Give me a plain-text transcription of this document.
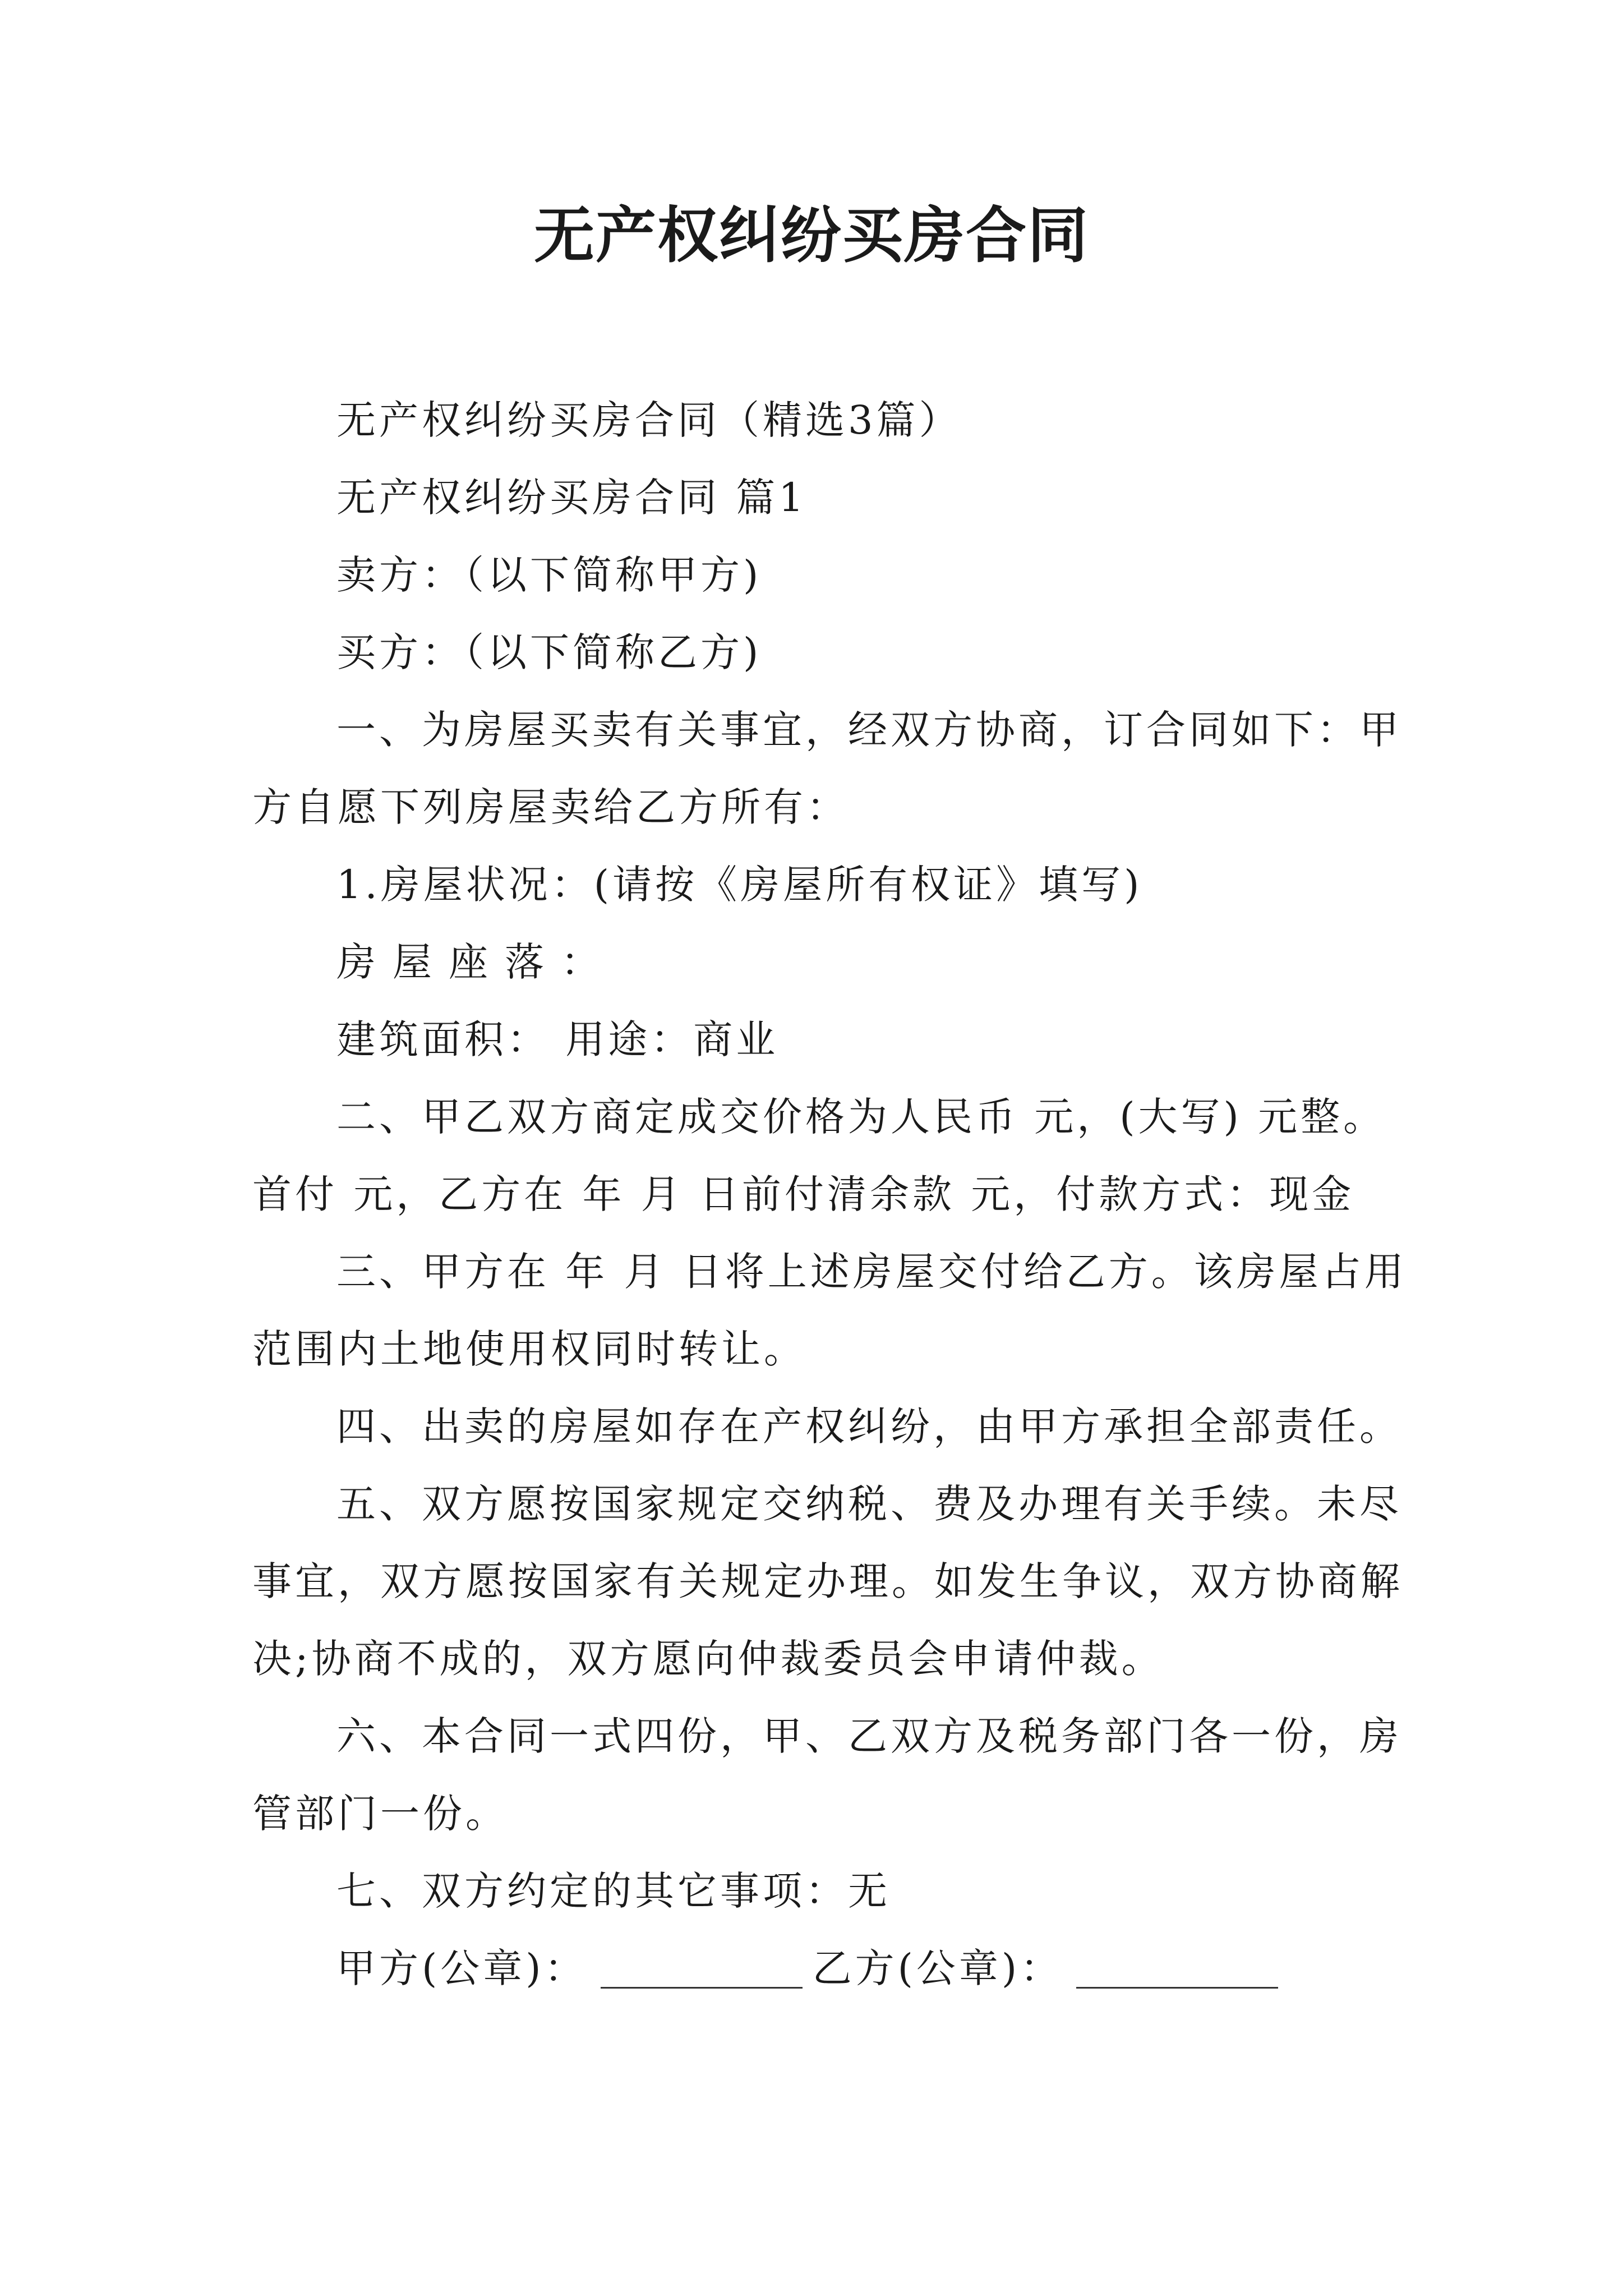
无产权纠纷买房合同

无产权纠纷买房合同（精选3篇）

无产权纠纷买房合同 篇1

卖方：（以下简称甲方)

买方：（以下简称乙方)

一、为房屋买卖有关事宜，经双方协商，订合同如下：甲方自愿下列房屋卖给乙方所有：

1.房屋状况：(请按《房屋所有权证》填写)

房屋座落：

建筑面积： 用途：商业

二、甲乙双方商定成交价格为人民币 元，(大写) 元整。首付 元，乙方在 年 月 日前付清余款 元，付款方式：现金

三、甲方在 年 月 日将上述房屋交付给乙方。该房屋占用范围内土地使用权同时转让。

四、出卖的房屋如存在产权纠纷，由甲方承担全部责任。

五、双方愿按国家规定交纳税、费及办理有关手续。未尽事宜，双方愿按国家有关规定办理。如发生争议，双方协商解决;协商不成的，双方愿向仲裁委员会申请仲裁。

六、本合同一式四份，甲、乙双方及税务部门各一份，房管部门一份。

七、双方约定的其它事项：无

甲方(公章)：	乙方(公章)：
